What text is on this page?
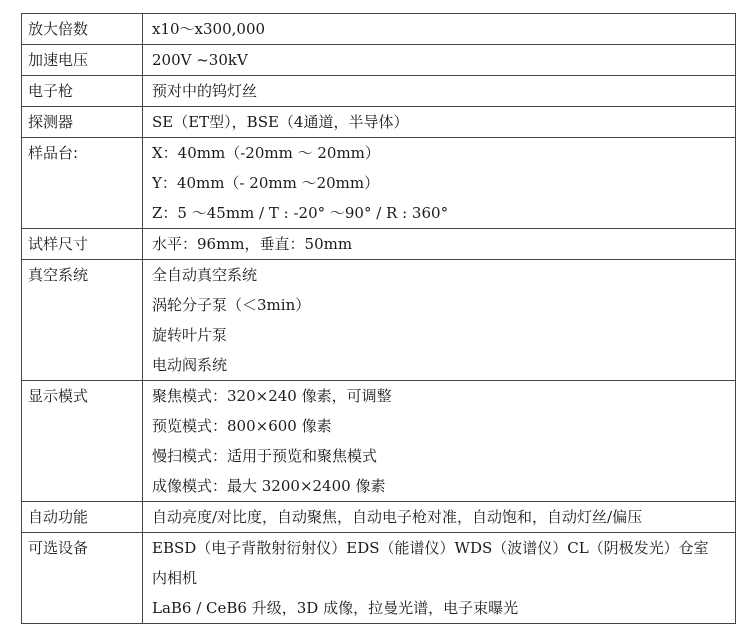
放大倍数	x10～x300,000

加速电压	200V ~30kV

电子枪	预对中的钨灯丝

探测器	SE（ET型），BSE（4通道，半导体）

样品台:	X：40mm（-20mm ～ 20mm）
Y：40mm（- 20mm ～20mm）
Z：5 ～45mm / T : -20° ～90° / R : 360°

试样尺寸	水平：96mm，垂直：50mm

真空系统	全自动真空系统
涡轮分子泵（＜3min）
旋转叶片泵
电动阀系统

显示模式	聚焦模式：320×240 像素，可调整
预览模式：800×600 像素
慢扫模式：适用于预览和聚焦模式
成像模式：最大 3200×2400 像素

自动功能	自动亮度/对比度，自动聚焦，自动电子枪对准，自动饱和，自动灯丝/偏压

可选设备	EBSD（电子背散射衍射仪）EDS（能谱仪）WDS（波谱仪）CL（阴极发光）仓室
内相机
LaB6 / CeB6 升级，3D 成像，拉曼光谱，电子束曝光
